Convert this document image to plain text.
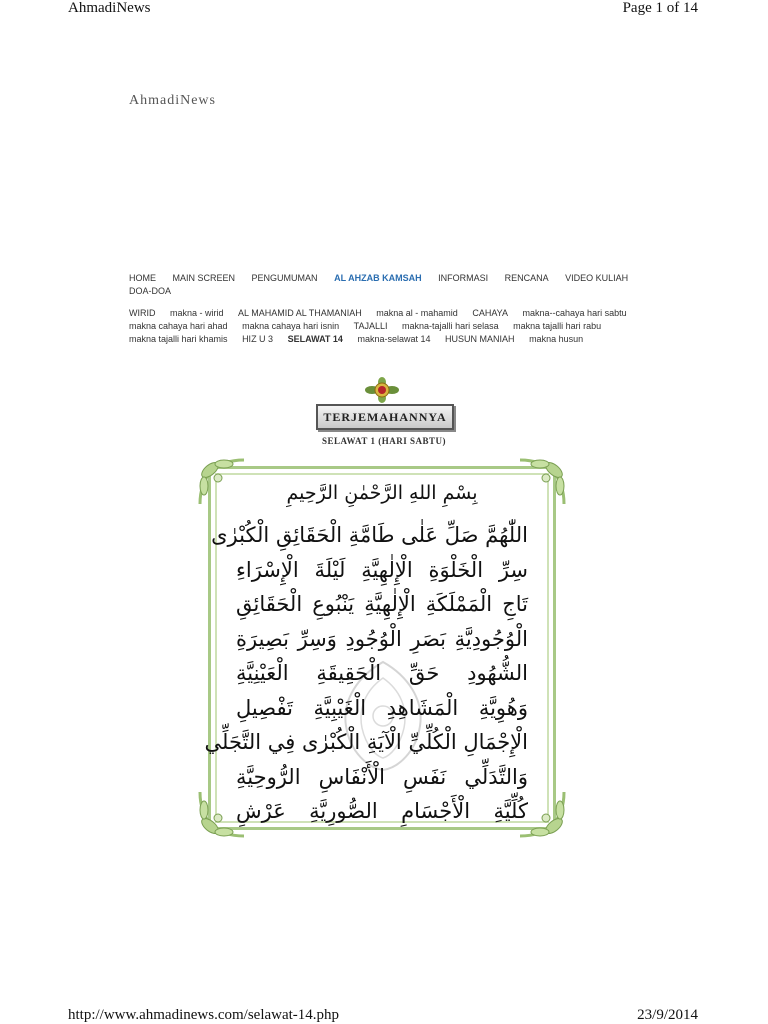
AhmadiNews	Page 1 of 14
AhmadiNews
HOME MAIN SCREEN PENGUMUMAN AL AHZAB KAMSAH INFORMASI RENCANA VIDEO KULIAH DOA-DOA
WIRID makna - wirid AL MAHAMID AL THAMANIAH makna al - mahamid CAHAYA makna--cahaya hari sabtu makna cahaya hari ahad makna cahaya hari isnin TAJALLI makna-tajalli hari selasa makna tajalli hari rabu makna tajalli hari khamis HIZ U 3 SELAWAT 14 makna-selawat 14 HUSUN MANIAH makna husun
TERJEMAHANNYA
SELAWAT 1 (HARI SABTU)
بِسْمِ اللهِ الرَّحْمٰنِ الرَّحِيمِ
اللّٰهُمَّ صَلِّ عَلٰى طَامَّةِ الْحَقَائِقِ الْكُبْرٰى
سِرِّ الْخَلْوَةِ الْإِلٰهِيَّةِ لَيْلَةَ الْإِسْرَاءِ
تَاجِ الْمَمْلَكَةِ الْإِلٰهِيَّةِ يَنْبُوعِ الْحَقَائِقِ
الْوُجُودِيَّةِ بَصَرِ الْوُجُودِ وَسِرِّ بَصِيرَةِ
الشُّهُودِ حَقِّ الْحَقِيقَةِ الْعَيْنِيَّةِ
وَهُوِيَّةِ الْمَشَاهِدِ الْغَيْبِيَّةِ تَفْصِيلِ
الْإِجْمَالِ الْكُلِّيِّ الْآيَةِ الْكُبْرٰى فِي التَّجَلِّي
وَالتَّدَلِّي نَفَسِ الْأَنْفَاسِ الرُّوحِيَّةِ
كُلِّيَّةِ الْأَجْسَامِ الصُّورِيَّةِ عَرْشِ
http://www.ahmadinews.com/selawat-14.php	23/9/2014
